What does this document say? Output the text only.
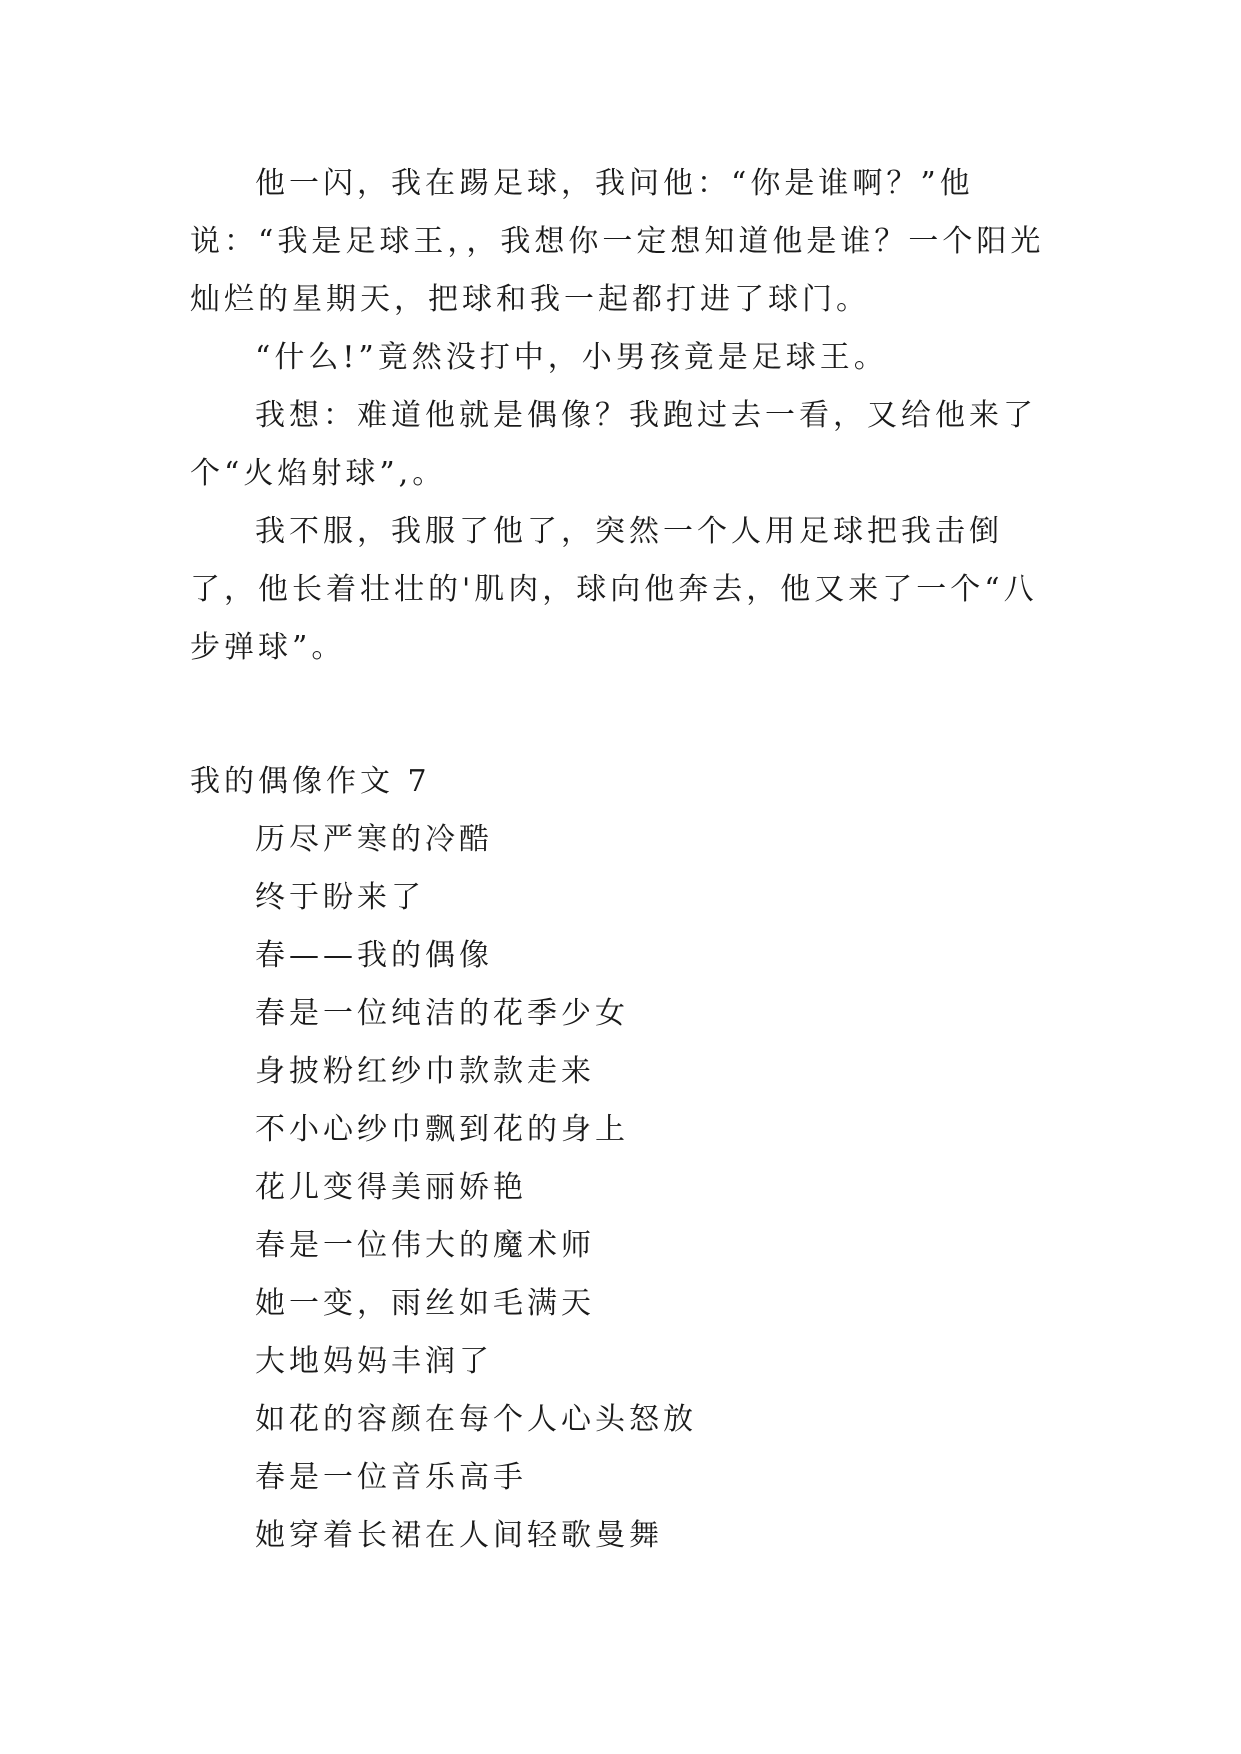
他一闪，我在踢足球，我问他：“你是谁啊？”他说：“我是足球王，，我想你一定想知道他是谁？一个阳光灿烂的星期天，把球和我一起都打进了球门。

“什么!”竟然没打中，小男孩竟是足球王。

我想：难道他就是偶像？我跑过去一看，又给他来了个“火焰射球”,。

我不服，我服了他了，突然一个人用足球把我击倒了，他长着壮壮的'肌肉，球向他奔去，他又来了一个“八步弹球”。

我的偶像作文 7

历尽严寒的冷酷

终于盼来了

春——我的偶像

春是一位纯洁的花季少女

身披粉红纱巾款款走来

不小心纱巾飘到花的身上

花儿变得美丽娇艳

春是一位伟大的魔术师

她一变，雨丝如毛满天

大地妈妈丰润了

如花的容颜在每个人心头怒放

春是一位音乐高手

她穿着长裙在人间轻歌曼舞
